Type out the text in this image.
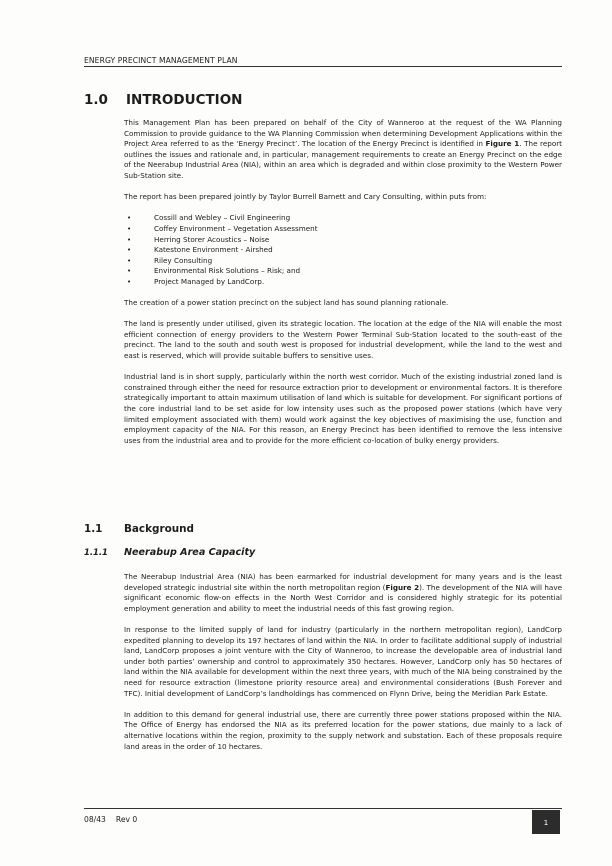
ENERGY PRECINCT MANAGEMENT PLAN
1.0 INTRODUCTION

This Management Plan has been prepared on behalf of the City of Wanneroo at the request of the WA Planning Commission to provide guidance to the WA Planning Commission when determining Development Applications within the Project Area referred to as the ‘Energy Precinct’. The location of the Energy Precinct is identified in Figure 1. The report outlines the issues and rationale and, in particular, management requirements to create an Energy Precinct on the edge of the Neerabup Industrial Area (NIA), within an area which is degraded and within close proximity to the Western Power Sub-Station site.

The report has been prepared jointly by Taylor Burrell Barnett and Cary Consulting, within puts from:

• Cossill and Webley – Civil Engineering
• Coffey Environment – Vegetation Assessment
• Herring Storer Acoustics – Noise
• Katestone Environment - Airshed
• Riley Consulting
• Environmental Risk Solutions – Risk; and
• Project Managed by LandCorp.

The creation of a power station precinct on the subject land has sound planning rationale.

The land is presently under utilised, given its strategic location. The location at the edge of the NIA will enable the most efficient connection of energy providers to the Western Power Terminal Sub-Station located to the south-east of the precinct. The land to the south and south west is proposed for industrial development, while the land to the west and east is reserved, which will provide suitable buffers to sensitive uses.

Industrial land is in short supply, particularly within the north west corridor. Much of the existing industrial zoned land is constrained through either the need for resource extraction prior to development or environmental factors. It is therefore strategically important to attain maximum utilisation of land which is suitable for development. For significant portions of the core industrial land to be set aside for low intensity uses such as the proposed power stations (which have very limited employment associated with them) would work against the key objectives of maximising the use, function and employment capacity of the NIA. For this reason, an Energy Precinct has been identified to remove the less intensive uses from the industrial area and to provide for the more efficient co-location of bulky energy providers.

1.1 Background
1.1.1 Neerabup Area Capacity

The Neerabup Industrial Area (NIA) has been earmarked for industrial development for many years and is the least developed strategic industrial site within the north metropolitan region (Figure 2). The development of the NIA will have significant economic flow-on effects in the North West Corridor and is considered highly strategic for its potential employment generation and ability to meet the industrial needs of this fast growing region.

In response to the limited supply of land for industry (particularly in the northern metropolitan region), LandCorp expedited planning to develop its 197 hectares of land within the NIA. In order to facilitate additional supply of industrial land, LandCorp proposes a joint venture with the City of Wanneroo, to increase the developable area of industrial land under both parties’ ownership and control to approximately 350 hectares. However, LandCorp only has 50 hectares of land within the NIA available for development within the next three years, with much of the NIA being constrained by the need for resource extraction (limestone priority resource area) and environmental considerations (Bush Forever and TFC). Initial development of LandCorp’s landholdings has commenced on Flynn Drive, being the Meridian Park Estate.

In addition to this demand for general industrial use, there are currently three power stations proposed within the NIA. The Office of Energy has endorsed the NIA as its preferred location for the power stations, due mainly to a lack of alternative locations within the region, proximity to the supply network and substation. Each of these proposals require land areas in the order of 10 hectares.

08/43 Rev 0	1
